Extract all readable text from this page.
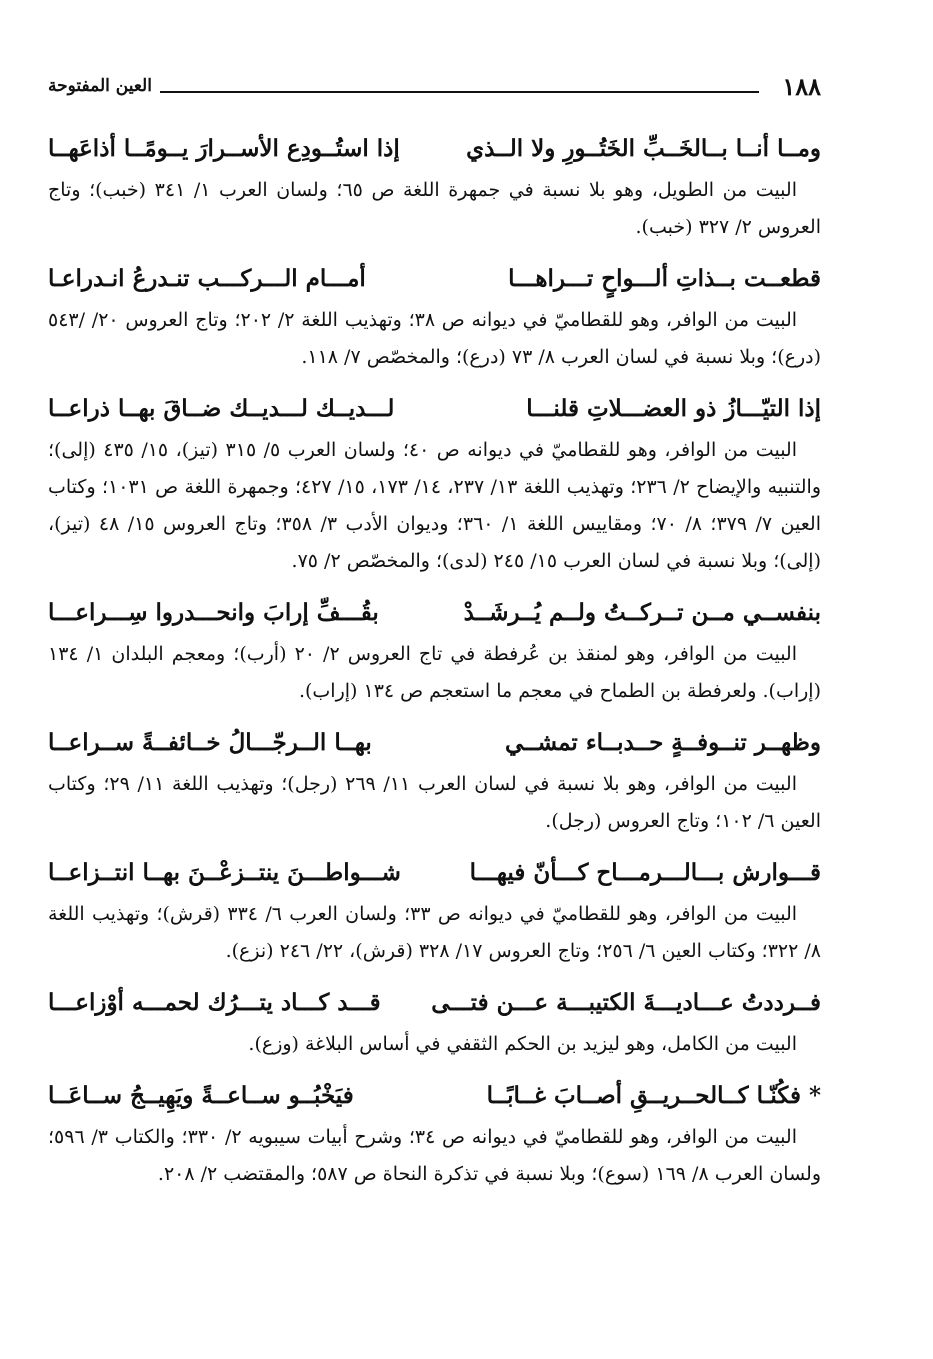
١٨٨
العين المفتوحة
ومــا أنــا بــالخَــبِّ الخَتُــورِ ولا الــذي
إذا استُــودِع الأســرارَ يــومًــا أذاعَهــا

البيت من الطويل، وهو بلا نسبة في جمهرة اللغة ص ٦٥؛ ولسان العرب ١/ ٣٤١ (خبب)؛ وتاج العروس ٢/ ٣٢٧ (خبب).

قطعــت بــذاتِ ألـــواحٍ تـــراهـــا
أمـــام الـــركـــب تنـدرعُ انـدراعـا

البيت من الوافر، وهو للقطاميّ في ديوانه ص ٣٨؛ وتهذيب اللغة ٢/ ٢٠٢؛ وتاج العروس ٢٠/ /٥٤٣ (درع)؛ وبلا نسبة في لسان العرب ٨/ ٧٣ (درع)؛ والمخصّص ٧/ ١١٨.

إذا التيّـــازُ ذو العضـــلاتِ قلنـــا
لـــديــك لـــديــك ضــاقَ بهــا ذراعــا

البيت من الوافر، وهو للقطاميّ في ديوانه ص ٤٠؛ ولسان العرب ٥/ ٣١٥ (تيز)، ١٥/ ٤٣٥ (إلى)؛ والتنبيه والإيضاح ٢/ ٢٣٦؛ وتهذيب اللغة ١٣/ ٢٣٧، ١٤/ ١٧٣، ١٥/ ٤٢٧؛ وجمهرة اللغة ص ١٠٣١؛ وكتاب العين ٧/ ٣٧٩؛ ٨/ ٧٠؛ ومقاييس اللغة ١/ ٣٦٠؛ وديوان الأدب ٣/ ٣٥٨؛ وتاج العروس ١٥/ ٤٨ (تيز)، (إلى)؛ وبلا نسبة في لسان العرب ١٥/ ٢٤٥ (لدى)؛ والمخصّص ٢/ ٧٥.

بنفســي مــن تــركــتُ ولــم يُــرشَــدْ
بقُـــفِّ إرابَ وانحـــدروا سِـــراعـــا

البيت من الوافر، وهو لمنقذ بن عُرفطة في تاج العروس ٢/ ٢٠ (أرب)؛ ومعجم البلدان ١/ ١٣٤ (إراب). ولعرفطة بن الطماح في معجم ما استعجم ص ١٣٤ (إراب).

وظهــر تنــوفــةٍ حــدبــاء تمشــي
بهــا الــرجّـــالُ خــائفــةً ســراعــا

البيت من الوافر، وهو بلا نسبة في لسان العرب ١١/ ٢٦٩ (رجل)؛ وتهذيب اللغة ١١/ ٢٩؛ وكتاب العين ٦/ ١٠٢؛ وتاج العروس (رجل).

قـــوارش بـــالـــرمـــاح كـــأنّ فيهـــا
شـــواطـــنَ ينتــزعْــنَ بهــا انتــزاعــا

البيت من الوافر، وهو للقطاميّ في ديوانه ص ٣٣؛ ولسان العرب ٦/ ٣٣٤ (قرش)؛ وتهذيب اللغة ٨/ ٣٢٢؛ وكتاب العين ٦/ ٢٥٦؛ وتاج العروس ١٧/ ٣٢٨ (قرش)، ٢٢/ ٢٤٦ (نزع).

فــرددتُ عـــاديـــةَ الكتيبـــة عـــن فتـــى
قـــد كـــاد يتـــرُك لحمـــه أوْزاعـــا

البيت من الكامل، وهو ليزيد بن الحكم الثقفي في أساس البلاغة (وزع).

* فكُنّـا كــالحــريــقِ أصــابَ غــابًــا
فيَخْبُــو ســاعــةً ويَهِيــجُ ســاعَــا

البيت من الوافر، وهو للقطاميّ في ديوانه ص ٣٤؛ وشرح أبيات سيبويه ٢/ ٣٣٠؛ والكتاب ٣/ ٥٩٦؛ ولسان العرب ٨/ ١٦٩ (سوع)؛ وبلا نسبة في تذكرة النحاة ص ٥٨٧؛ والمقتضب ٢/ ٢٠٨.
